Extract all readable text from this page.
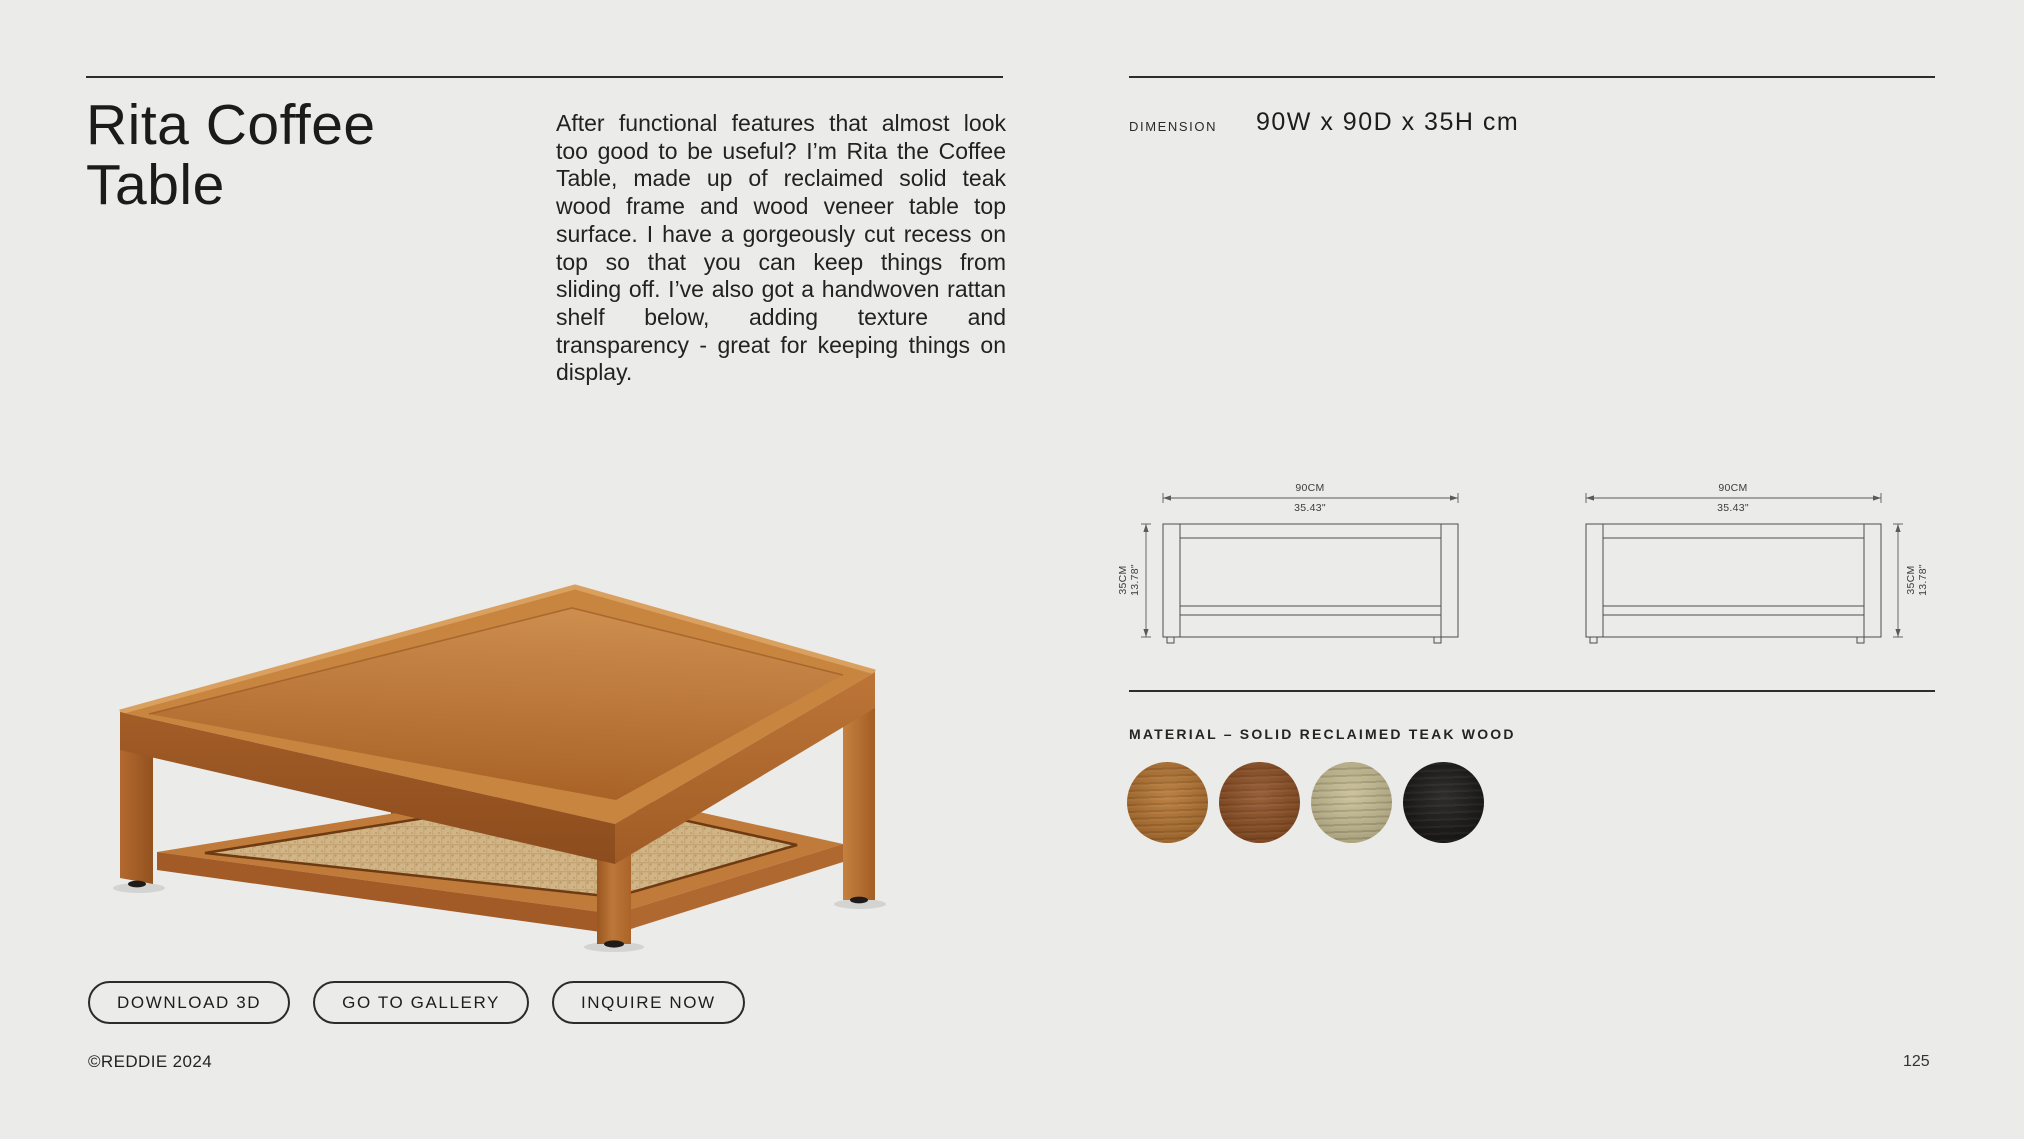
Rita Coffee Table

After functional features that almost look too good to be useful? I’m Rita the Coffee Table, made up of reclaimed solid teak wood frame and wood veneer table top surface. I have a gorgeously cut recess on top so that you can keep things from sliding off. I’ve also got a handwoven rattan shelf below, adding texture and transparency - great for keeping things on display.

DIMENSION 90W x 90D x 35H cm
90CM
35.43"
35CM 13.78"
90CM
35.43"
35CM 13.78"
MATERIAL – SOLID RECLAIMED TEAK WOOD
DOWNLOAD 3D	GO TO GALLERY	INQUIRE NOW
©REDDIE 2024	125
